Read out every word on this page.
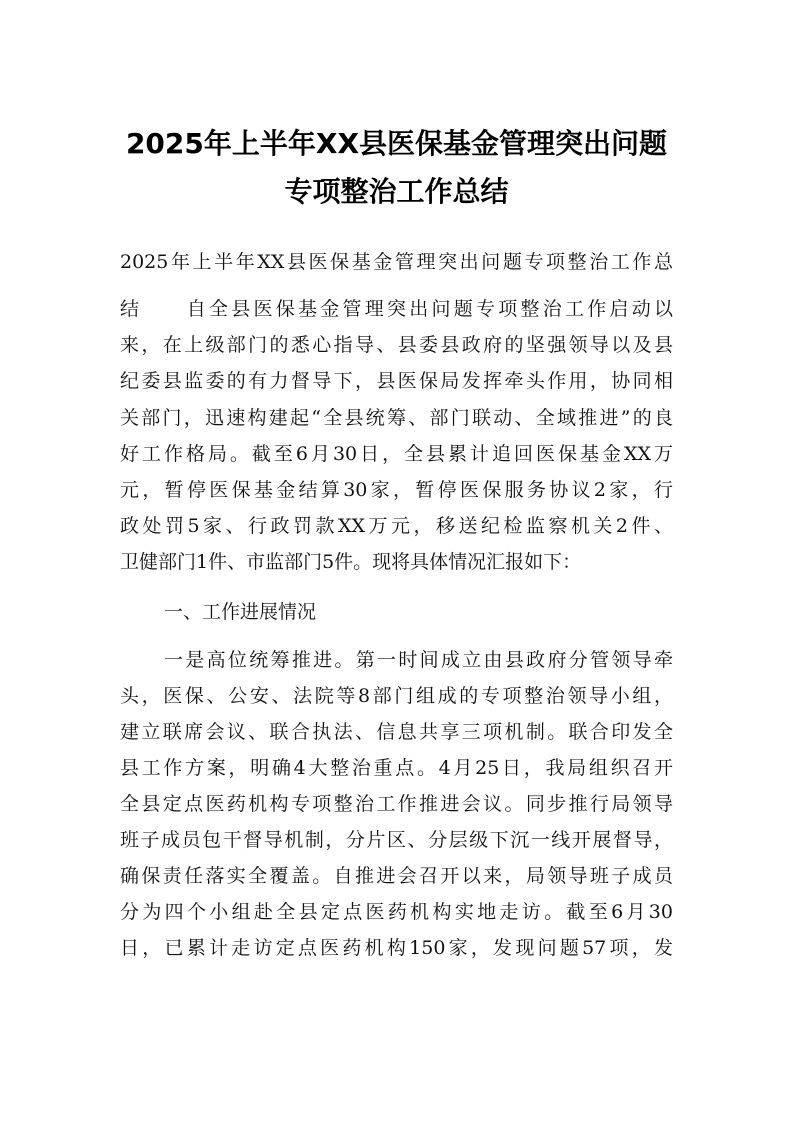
2025年上半年XX县医保基金管理突出问题
专项整治工作总结

2025年上半年XX县医保基金管理突出问题专项整治工作总

结　　自全县医保基金管理突出问题专项整治工作启动以

来，在上级部门的悉心指导、县委县政府的坚强领导以及县

纪委县监委的有力督导下，县医保局发挥牵头作用，协同相

关部门，迅速构建起“全县统筹、部门联动、全域推进”的良

好工作格局。截至6月30日，全县累计追回医保基金XX万

元，暂停医保基金结算30家，暂停医保服务协议2家，行

政处罚5家、行政罚款XX万元，移送纪检监察机关2件、

卫健部门1件、市监部门5件。现将具体情况汇报如下：

一、工作进展情况

一是高位统筹推进。第一时间成立由县政府分管领导牵

头，医保、公安、法院等8部门组成的专项整治领导小组，

建立联席会议、联合执法、信息共享三项机制。联合印发全

县工作方案，明确4大整治重点。4月25日，我局组织召开

全县定点医药机构专项整治工作推进会议。同步推行局领导

班子成员包干督导机制，分片区、分层级下沉一线开展督导，

确保责任落实全覆盖。自推进会召开以来，局领导班子成员

分为四个小组赴全县定点医药机构实地走访。截至6月30

日，已累计走访定点医药机构150家，发现问题57项，发
